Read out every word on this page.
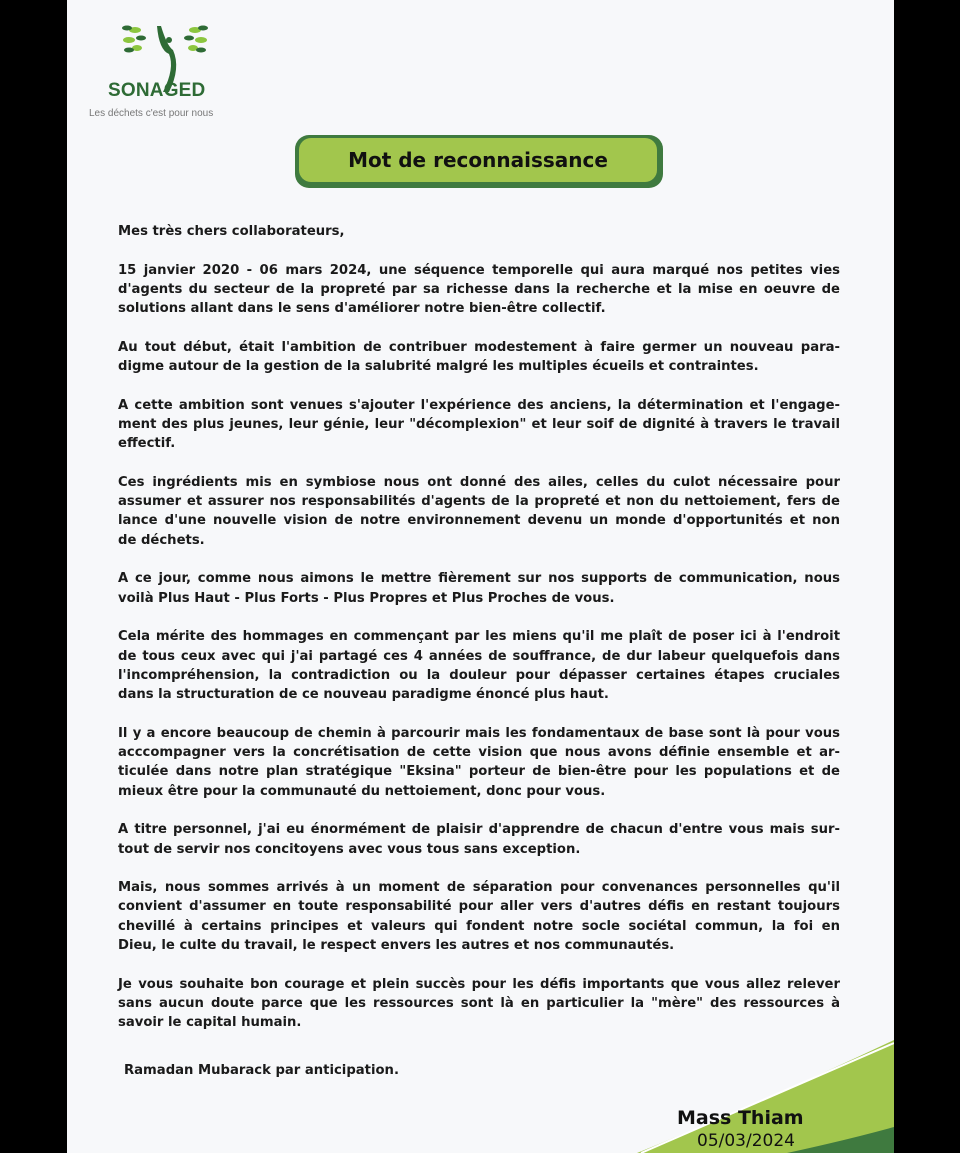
SONAGED
Les déchets c'est pour nous
Mot de reconnaissance
Mes très chers collaborateurs,
15 janvier 2020 - 06 mars 2024, une séquence temporelle qui aura marqué nos petites vies
d'agents du secteur de la propreté par sa richesse dans la recherche et la mise en oeuvre de
solutions allant dans le sens d'améliorer notre bien-être collectif.
Au tout début, était l'ambition de contribuer modestement à faire germer un nouveau para-
digme autour de la gestion de la salubrité malgré les multiples écueils et contraintes.
A cette ambition sont venues s'ajouter l'expérience des anciens, la détermination et l'engage-
ment des plus jeunes, leur génie, leur "décomplexion" et leur soif de dignité à travers le travail
effectif.
Ces ingrédients mis en symbiose nous ont donné des ailes, celles du culot nécessaire pour
assumer et assurer nos responsabilités d'agents de la propreté et non du nettoiement, fers de
lance d'une nouvelle vision de notre environnement devenu un monde d'opportunités et non
de déchets.
A ce jour, comme nous aimons le mettre fièrement sur nos supports de communication, nous
voilà Plus Haut - Plus Forts - Plus Propres et Plus Proches de vous.
Cela mérite des hommages en commençant par les miens qu'il me plaît de poser ici à l'endroit
de tous ceux avec qui j'ai partagé ces 4 années de souffrance, de dur labeur quelquefois dans
l'incompréhension, la contradiction ou la douleur pour dépasser certaines étapes cruciales
dans la structuration de ce nouveau paradigme énoncé plus haut.
Il y a encore beaucoup de chemin à parcourir mais les fondamentaux de base sont là pour vous
acccompagner vers la concrétisation de cette vision que nous avons définie ensemble et ar-
ticulée dans notre plan stratégique "Eksina" porteur de bien-être pour les populations et de
mieux être pour la communauté du nettoiement, donc pour vous.
A titre personnel, j'ai eu énormément de plaisir d'apprendre de chacun d'entre vous mais sur-
tout de servir nos concitoyens avec vous tous sans exception.
Mais, nous sommes arrivés à un moment de séparation pour convenances personnelles qu'il
convient d'assumer en toute responsabilité pour aller vers d'autres défis en restant toujours
chevillé à certains principes et valeurs qui fondent notre socle sociétal commun, la foi en
Dieu, le culte du travail, le respect envers les autres et nos communautés.
Je vous souhaite bon courage et plein succès pour les défis importants que vous allez relever
sans aucun doute parce que les ressources sont là en particulier la "mère" des ressources à
savoir le capital humain.
Ramadan Mubarack par anticipation.
Mass Thiam
05/03/2024
